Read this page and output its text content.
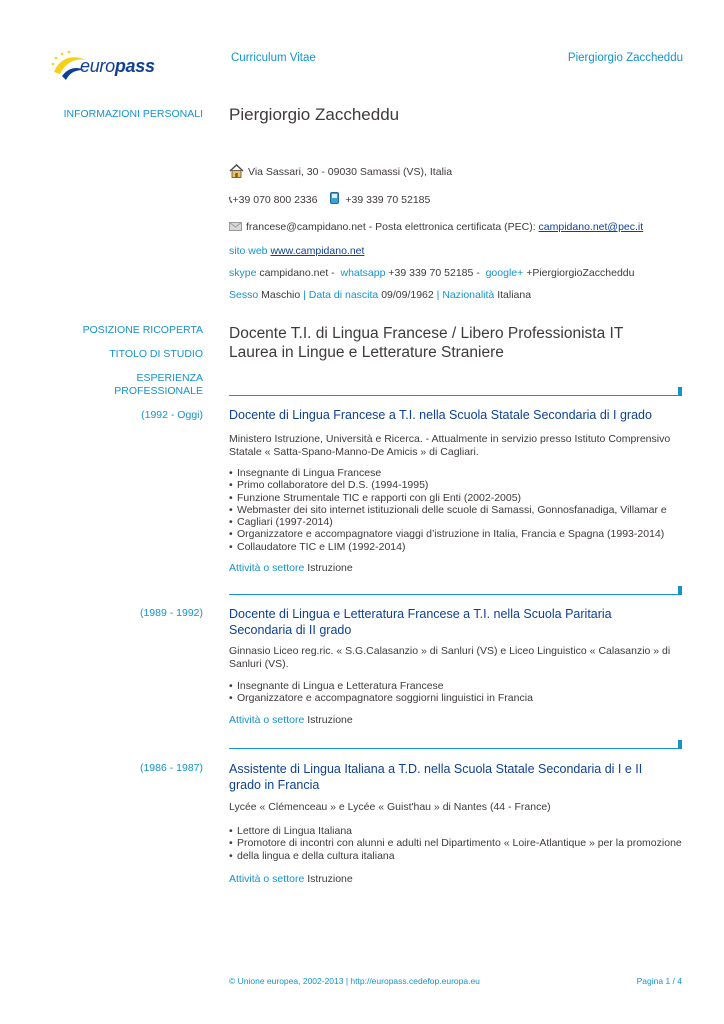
europass	Curriculum Vitae	Piergiorgio Zaccheddu
INFORMAZIONI PERSONALI Piergiorgio Zaccheddu
Via Sassari, 30 - 09030 Samassi (VS), Italia
📞︎+39 070 800 2336	+39 339 70 52185
francese@campidano.net - Posta elettronica certificata (PEC): campidano.net@pec.it
sito web www.campidano.net
skype campidano.net - whatsapp +39 339 70 52185 - google+ +PiergiorgioZaccheddu
Sesso Maschio | Data di nascita 09/09/1962 | Nazionalità Italiana
POSIZIONE RICOPERTA Docente T.I. di Lingua Francese / Libero Professionista IT
TITOLO DI STUDIO Laurea in Lingue e Letterature Straniere
ESPERIENZA
PROFESSIONALE
(1992 - Oggi) Docente di Lingua Francese a T.I. nella Scuola Statale Secondaria di I grado
Ministero Istruzione, Università e Ricerca. - Attualmente in servizio presso Istituto Comprensivo
Statale « Satta-Spano-Manno-De Amicis » di Cagliari.
• Insegnante di Lingua Francese
• Primo collaboratore del D.S. (1994-1995)
• Funzione Strumentale TIC e rapporti con gli Enti (2002-2005)
• Webmaster dei sito internet istituzionali delle scuole di Samassi, Gonnosfanadiga, Villamar e
• Cagliari (1997-2014)
• Organizzatore e accompagnatore viaggi d’istruzione in Italia, Francia e Spagna (1993-2014)
• Collaudatore TIC e LIM (1992-2014)
Attività o settore Istruzione
(1989 - 1992) Docente di Lingua e Letteratura Francese a T.I. nella Scuola Paritaria
Secondaria di II grado
Ginnasio Liceo reg.ric. « S.G.Calasanzio » di Sanluri (VS) e Liceo Linguistico « Calasanzio » di
Sanluri (VS).
• Insegnante di Lingua e Letteratura Francese
• Organizzatore e accompagnatore soggiorni linguistici in Francia
Attività o settore Istruzione
(1986 - 1987) Assistente di Lingua Italiana a T.D. nella Scuola Statale Secondaria di I e II
grado in Francia
Lycée « Clémenceau » e Lycée « Guist'hau » di Nantes (44 - France)
• Lettore di Lingua Italiana
• Promotore di incontri con alunni e adulti nel Dipartimento « Loire-Atlantique » per la promozione
• della lingua e della cultura italiana
Attività o settore Istruzione
© Unione europea, 2002-2013 | http://europass.cedefop.europa.eu	Pagina 1 / 4
